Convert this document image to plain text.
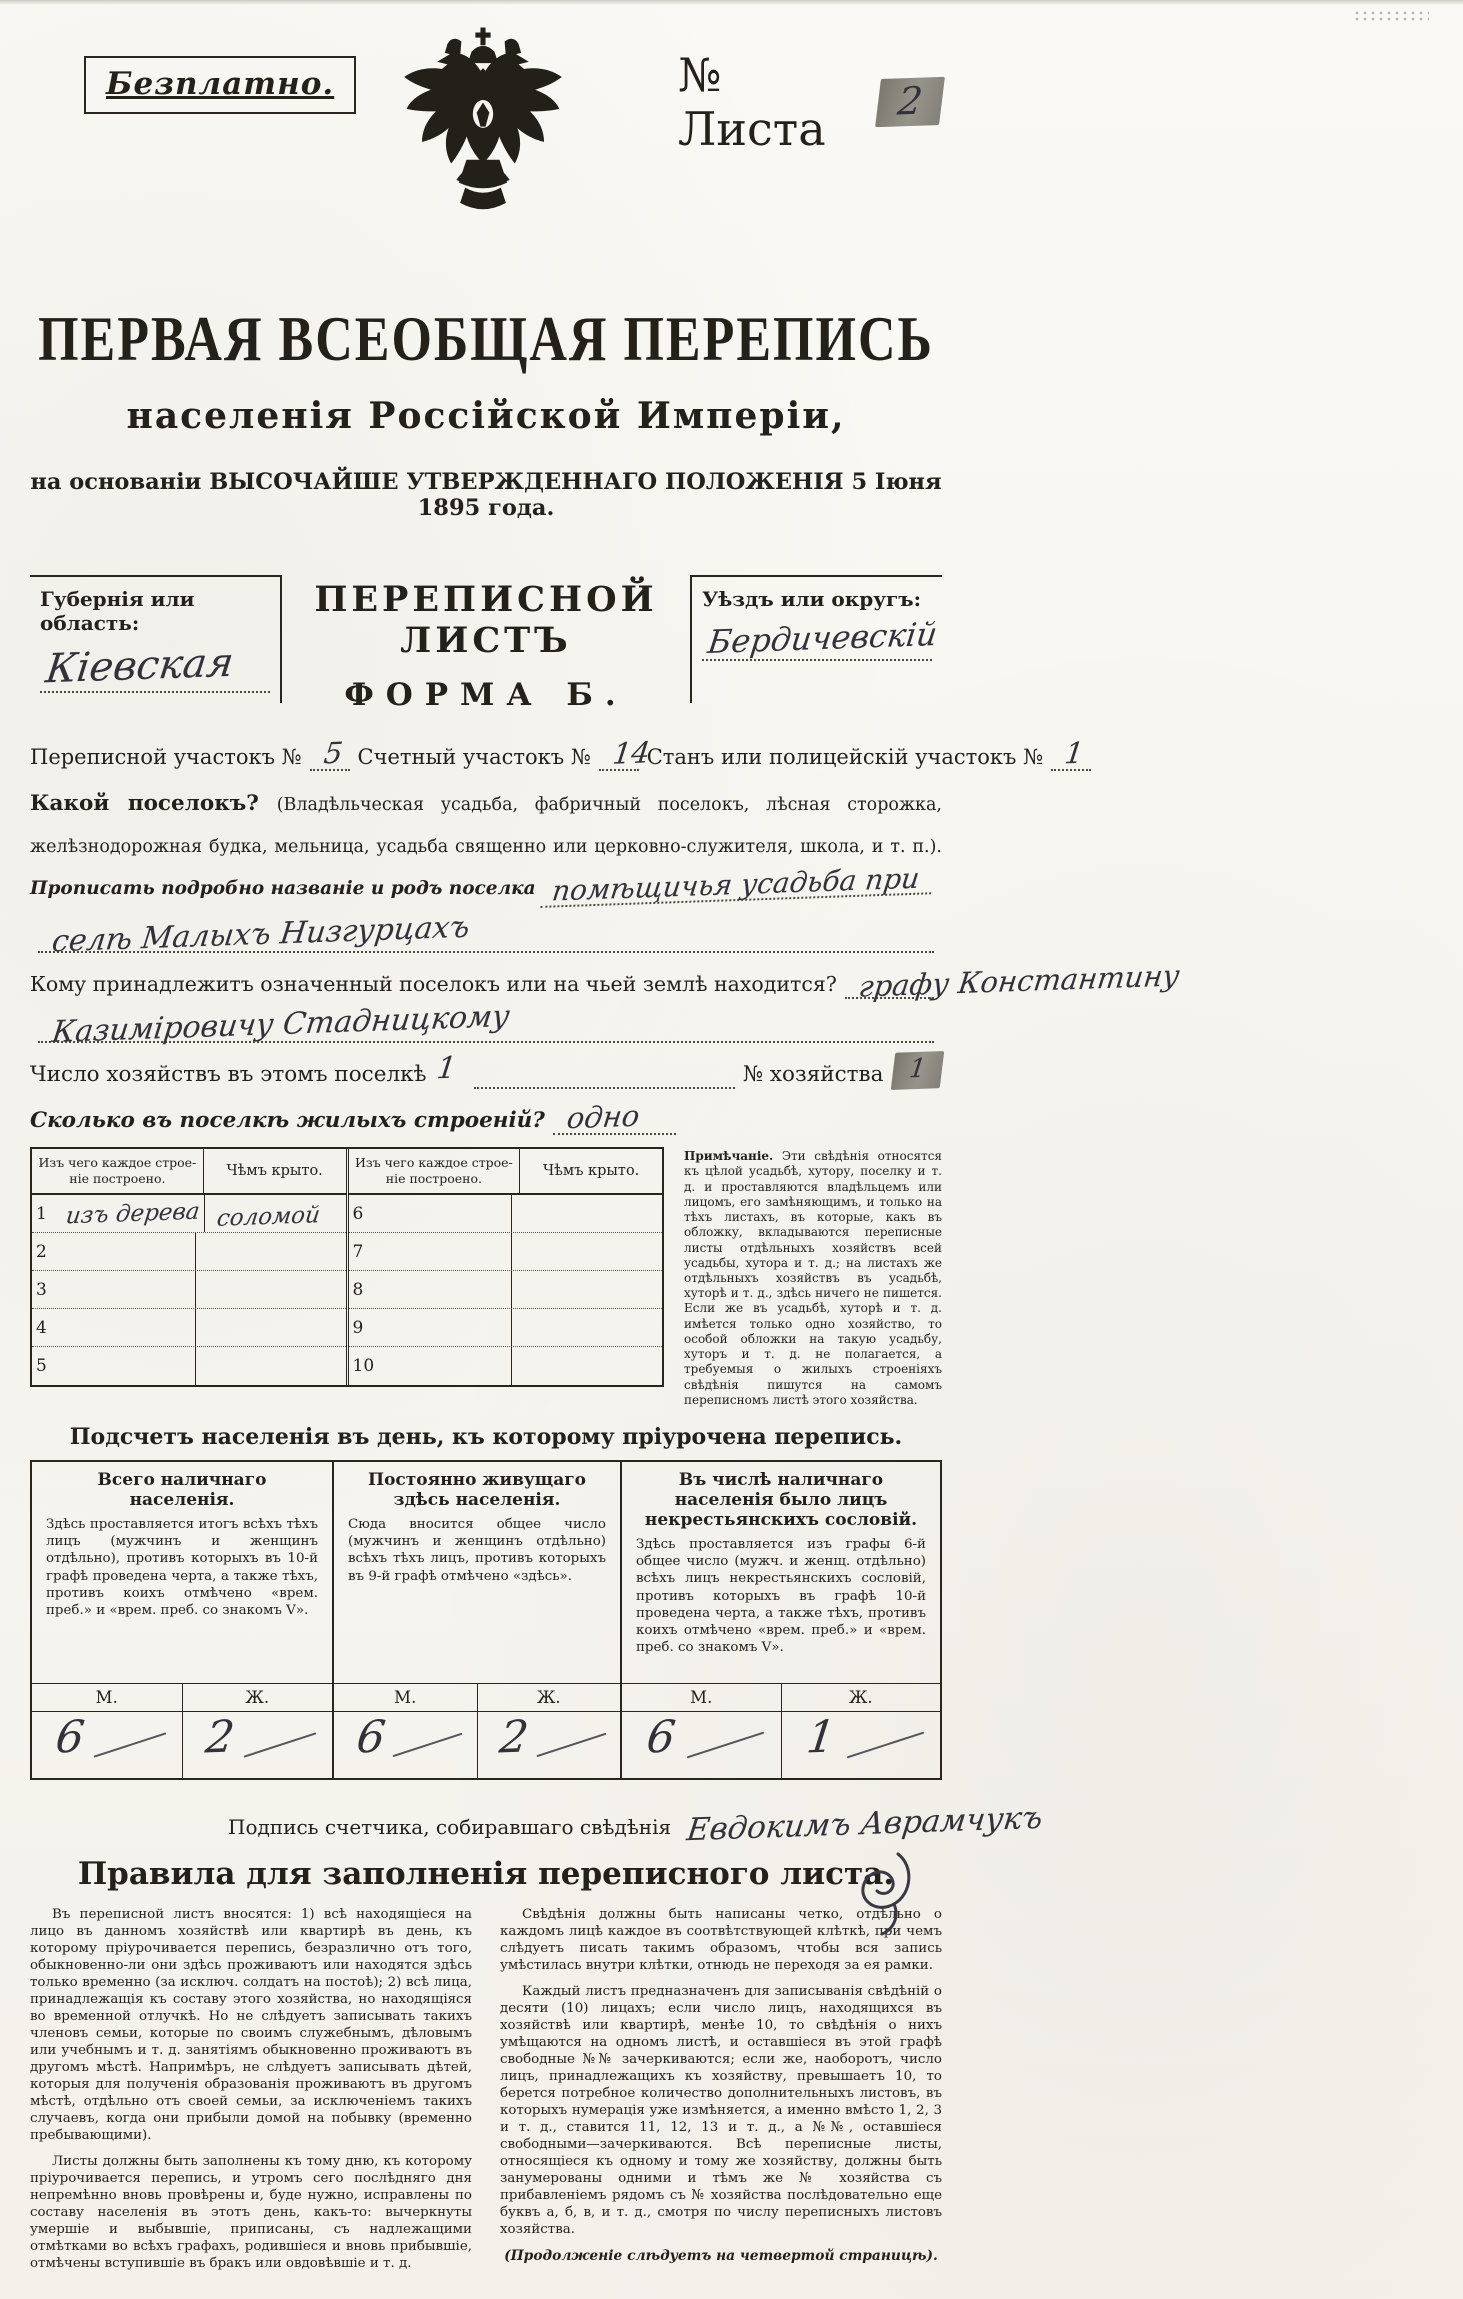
Безплатно.	№ Листа
2
ПЕРВАЯ ВСЕОБЩАЯ ПЕРЕПИСЬ
населенія Россійской Имперіи,
на основаніи ВЫСОЧАЙШЕ УТВЕРЖДЕННАГО ПОЛОЖЕНІЯ 5 Іюня 1895 года.
Губернія или область:
Кіевская
ПЕРЕПИСНОЙ ЛИСТЪ
ФОРМА Б.
Уѣздъ или округъ:
Бердичевскій
Переписной участокъ № 5 Счетный участокъ № 14
Станъ или полицейскій участокъ № 1
Какой поселокъ? (Владѣльческая усадьба, фабричный поселокъ, лѣсная сторожка, желѣзнодорожная будка, мельница, усадьба священно или церковно-служителя, школа, и т. п.). Прописать подробно названіе и родъ поселка помѣщичья усадьба при
селѣ Малыхъ Низгурцахъ
Кому принадлежитъ означенный поселокъ или на чьей землѣ находится? графу Константину
Казиміровичу Стадницкому
Число хозяйствъ въ этомъ поселкѣ 1	№ хозяйства 1
Сколько въ поселкѣ жилыхъ строеній? одно
Изъ чего каждое строе-ніе построено.	Чѣмъ крыто.
1 изъ дерева соломой
2
3
4
5
Изъ чего каждое строе-ніе построено.	Чѣмъ крыто.
6
7
8
9
10
Примѣчаніе. Эти свѣдѣнія относятся къ цѣлой усадьбѣ, хутору, поселку и т. д. и проставляются владѣльцемъ или лицомъ, его замѣняющимъ, и только на тѣхъ листахъ, въ которые, какъ въ обложку, вкладываются переписные листы отдѣльныхъ хозяйствъ всей усадьбы, хутора и т. д.; на листахъ же отдѣльныхъ хозяйствъ въ усадьбѣ, хуторѣ и т. д., здѣсь ничего не пишется. Если же въ усадьбѣ, хуторѣ и т. д. имѣется только одно хозяйство, то особой обложки на такую усадьбу, хуторъ и т. д. не полагается, а требуемыя о жилыхъ строеніяхъ свѣдѣнія пишутся на самомъ переписномъ листѣ этого хозяйства.
Подсчетъ населенія въ день, къ которому пріурочена перепись.
Всего наличнаго населенія.
Здѣсь проставляется итогъ всѣхъ тѣхъ лицъ (мужчинъ и женщинъ отдѣльно), противъ которыхъ въ 10-й графѣ проведена черта, а также тѣхъ, противъ коихъ отмѣчено «врем. преб.» и «врем. преб. со знакомъ V».
М.	Ж.
6	2
Постоянно живущаго здѣсь населенія.
Сюда вносится общее число (мужчинъ и женщинъ отдѣльно) всѣхъ тѣхъ лицъ, противъ которыхъ въ 9-й графѣ отмѣчено «здѣсь».
М.	Ж.
6 2
Въ числѣ наличнаго населенія было лицъ некрестьянскихъ сословій.
Здѣсь проставляется изъ графы 6-й общее число (мужч. и женщ. отдѣльно) всѣхъ лицъ некрестьянскихъ сословій, противъ которыхъ въ графѣ 10-й проведена черта, а также тѣхъ, противъ коихъ отмѣчено «врем. преб.» и «врем. преб. со знакомъ V».
М.	Ж.
6	1
Подпись счетчика, собиравшаго свѣдѣнія Евдокимъ Аврамчукъ
Правила для заполненія переписного листа.

Въ переписной листъ вносятся: 1) всѣ находящіеся на лицо въ данномъ хозяйствѣ или квартирѣ въ день, къ которому пріурочивается перепись, безразлично отъ того, обыкновенно-ли они здѣсь проживаютъ или находятся здѣсь только временно (за исключ. солдатъ на постоѣ); 2) всѣ лица, принадлежащія къ составу этого хозяйства, но находящіяся во временной отлучкѣ. Но не слѣдуетъ записывать такихъ членовъ семьи, которые по своимъ служебнымъ, дѣловымъ или учебнымъ и т. д. занятіямъ обыкновенно проживаютъ въ другомъ мѣстѣ. Напримѣръ, не слѣдуетъ записывать дѣтей, которыя для полученія образованія проживаютъ въ другомъ мѣстѣ, отдѣльно отъ своей семьи, за исключеніемъ такихъ случаевъ, когда они прибыли домой на побывку (временно пребывающими).

Листы должны быть заполнены къ тому дню, къ которому пріурочивается перепись, и утромъ сего послѣдняго дня непремѣнно вновь провѣрены и, буде нужно, исправлены по составу населенія въ этотъ день, какъ-то: вычеркнуты умершіе и выбывшіе, приписаны, съ надлежащими отмѣтками во всѣхъ графахъ, родившіеся и вновь прибывшіе, отмѣчены вступившіе въ бракъ или овдовѣвшіе и т. д.

Свѣдѣнія должны быть написаны четко, отдѣльно о каждомъ лицѣ каждое въ соотвѣтствующей клѣткѣ, при чемъ слѣдуетъ писать такимъ образомъ, чтобы вся запись умѣстилась внутри клѣтки, отнюдь не переходя за ея рамки.

Каждый листъ предназначенъ для записыванія свѣдѣній о десяти (10) лицахъ; если число лицъ, находящихся въ хозяйствѣ или квартирѣ, менѣе 10, то свѣдѣнія о нихъ умѣщаются на одномъ листѣ, и оставшіеся въ этой графѣ свободные №№ зачеркиваются; если же, наоборотъ, число лицъ, принадлежащихъ къ хозяйству, превышаетъ 10, то берется потребное количество дополнительныхъ листовъ, въ которыхъ нумерація уже измѣняется, а именно вмѣсто 1, 2, 3 и т. д., ставится 11, 12, 13 и т. д., а №№, оставшіеся свободными—зачеркиваются. Всѣ переписные листы, относящіеся къ одному и тому же хозяйству, должны быть занумерованы одними и тѣмъ же № хозяйства съ прибавленіемъ рядомъ съ № хозяйства послѣдовательно еще буквъ а, б, в, и т. д., смотря по числу переписныхъ листовъ хозяйства.

(Продолженіе слѣдуетъ на четвертой страницѣ).
